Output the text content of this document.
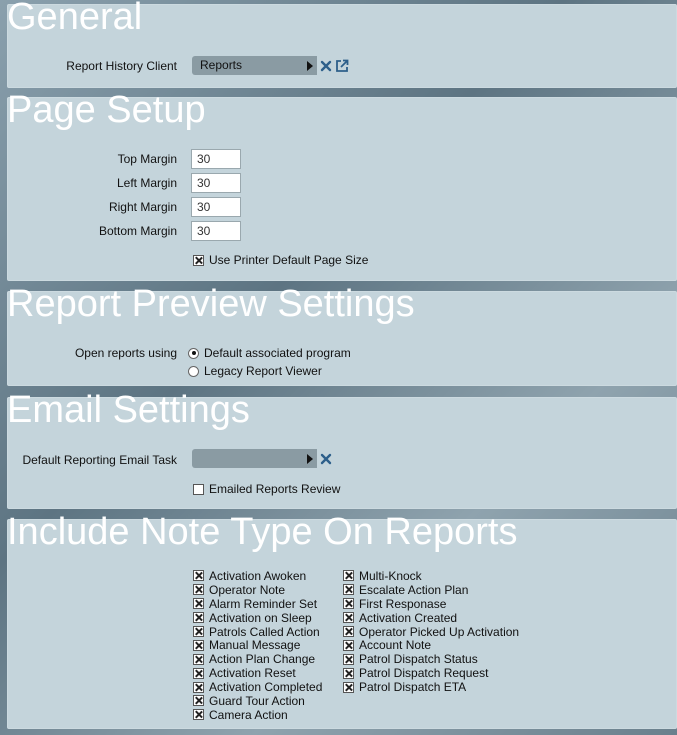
General
Report History Client	Reports
Page Setup
Top Margin	30
Left Margin	30
Right Margin	30
Bottom Margin	30
Use Printer Default Page Size
Report Preview Settings
Open reports using Default associated program
Legacy Report Viewer
Email Settings
Default Reporting Email Task
Emailed Reports Review
Include Note Type On Reports
Activation Awoken
Operator Note
Alarm Reminder Set
Activation on Sleep
Patrols Called Action
Manual Message
Action Plan Change
Activation Reset
Activation Completed
Guard Tour Action
Camera Action
Multi-Knock
Escalate Action Plan
First Responase
Activation Created
Operator Picked Up Activation
Account Note
Patrol Dispatch Status
Patrol Dispatch Request
Patrol Dispatch ETA
